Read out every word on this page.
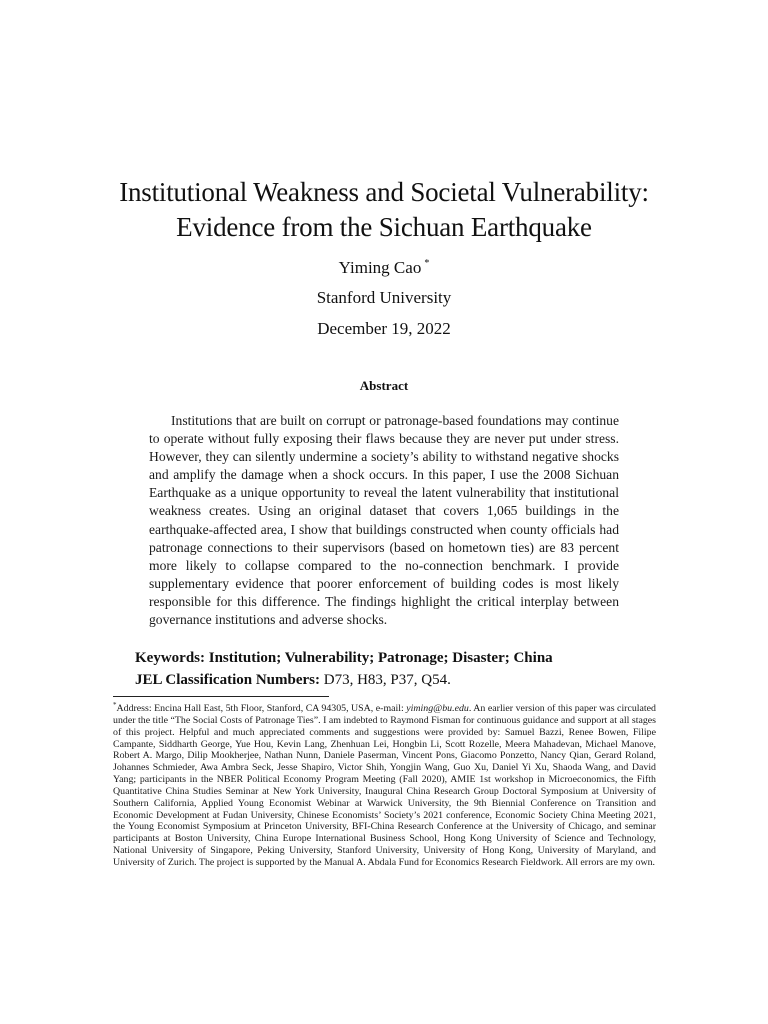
Institutional Weakness and Societal Vulnerability:
Evidence from the Sichuan Earthquake
Yiming Cao *
Stanford University
December 19, 2022
Abstract
Institutions that are built on corrupt or patronage-based foundations may continue to operate without fully exposing their flaws because they are never put under stress. However, they can silently undermine a society’s ability to withstand negative shocks and amplify the damage when a shock occurs. In this paper, I use the 2008 Sichuan Earthquake as a unique opportunity to reveal the latent vulnerability that institutional weakness creates. Using an original dataset that covers 1,065 buildings in the earthquake-affected area, I show that buildings constructed when county officials had patronage connections to their supervisors (based on hometown ties) are 83 percent more likely to collapse compared to the no-connection benchmark. I provide supplementary evidence that poorer enforcement of building codes is most likely responsible for this difference. The findings highlight the critical interplay between governance institutions and adverse shocks.
Keywords: Institution; Vulnerability; Patronage; Disaster; China
JEL Classification Numbers: D73, H83, P37, Q54.
*Address: Encina Hall East, 5th Floor, Stanford, CA 94305, USA, e-mail: yiming@bu.edu. An earlier version of this paper was circulated under the title “The Social Costs of Patronage Ties”. I am indebted to Raymond Fisman for continuous guidance and support at all stages of this project. Helpful and much appreciated comments and suggestions were provided by: Samuel Bazzi, Renee Bowen, Filipe Campante, Siddharth George, Yue Hou, Kevin Lang, Zhenhuan Lei, Hongbin Li, Scott Rozelle, Meera Mahadevan, Michael Manove, Robert A. Margo, Dilip Mookherjee, Nathan Nunn, Daniele Paserman, Vincent Pons, Giacomo Ponzetto, Nancy Qian, Gerard Roland, Johannes Schmieder, Awa Ambra Seck, Jesse Shapiro, Victor Shih, Yongjin Wang, Guo Xu, Daniel Yi Xu, Shaoda Wang, and David Yang; participants in the NBER Political Economy Program Meeting (Fall 2020), AMIE 1st workshop in Microeconomics, the Fifth Quantitative China Studies Seminar at New York University, Inaugural China Research Group Doctoral Symposium at University of Southern California, Applied Young Economist Webinar at Warwick University, the 9th Biennial Conference on Transition and Economic Development at Fudan University, Chinese Economists’ Society’s 2021 conference, Economic Society China Meeting 2021, the Young Economist Symposium at Princeton University, BFI-China Research Conference at the University of Chicago, and seminar participants at Boston University, China Europe International Business School, Hong Kong University of Science and Technology, National University of Singapore, Peking University, Stanford University, University of Hong Kong, University of Maryland, and University of Zurich. The project is supported by the Manual A. Abdala Fund for Economics Research Fieldwork. All errors are my own.
